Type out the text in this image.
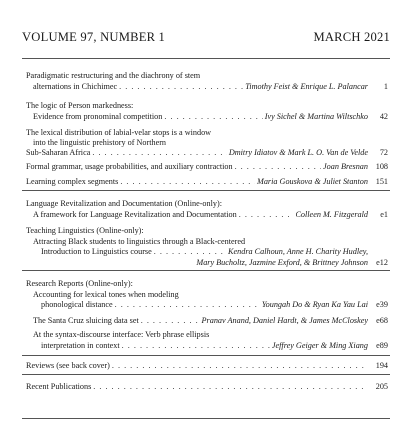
VOLUME 97, NUMBER 1	MARCH 2021
Paradigmatic restructuring and the diachrony of stem
alternations in Chichimec . . .	Timothy Feist & Enrique L. Palancar	1
The logic of Person markedness:
Evidence from pronominal competition . . .	Ivy Sichel & Martina Wiltschko	42
The lexical distribution of labial-velar stops is a window
into the linguistic prehistory of Northern
Sub-Saharan Africa . . .	Dmitry Idiatov & Mark L. O. Van de Velde	72
Formal grammar, usage probabilities, and auxiliary contraction . . .	Joan Bresnan 108
Learning complex segments . . .	Maria Gouskova & Juliet Stanton 151
Language Revitalization and Documentation (Online-only):
A framework for Language Revitalization and Documentation . . .	Colleen M. Fitzgerald	e1
Teaching Linguistics (Online-only):
Attracting Black students to linguistics through a Black-centered
Introduction to Linguistics course . . .	Kendra Calhoun, Anne H. Charity Hudley,
Mary Bucholtz, Jazmine Exford, & Brittney Johnson e12
Research Reports (Online-only):
Accounting for lexical tones when modeling
phonological distance . . .	Youngah Do & Ryan Ka Yau Lai e39
The Santa Cruz sluicing data set . . .	Pranav Anand, Daniel Hardt, & James McCloskey e68
At the syntax-discourse interface: Verb phrase ellipsis
interpretation in context . . .	Jeffrey Geiger & Ming Xiang e89
Reviews (see back cover) . . .	194
Recent Publications . . .	205
